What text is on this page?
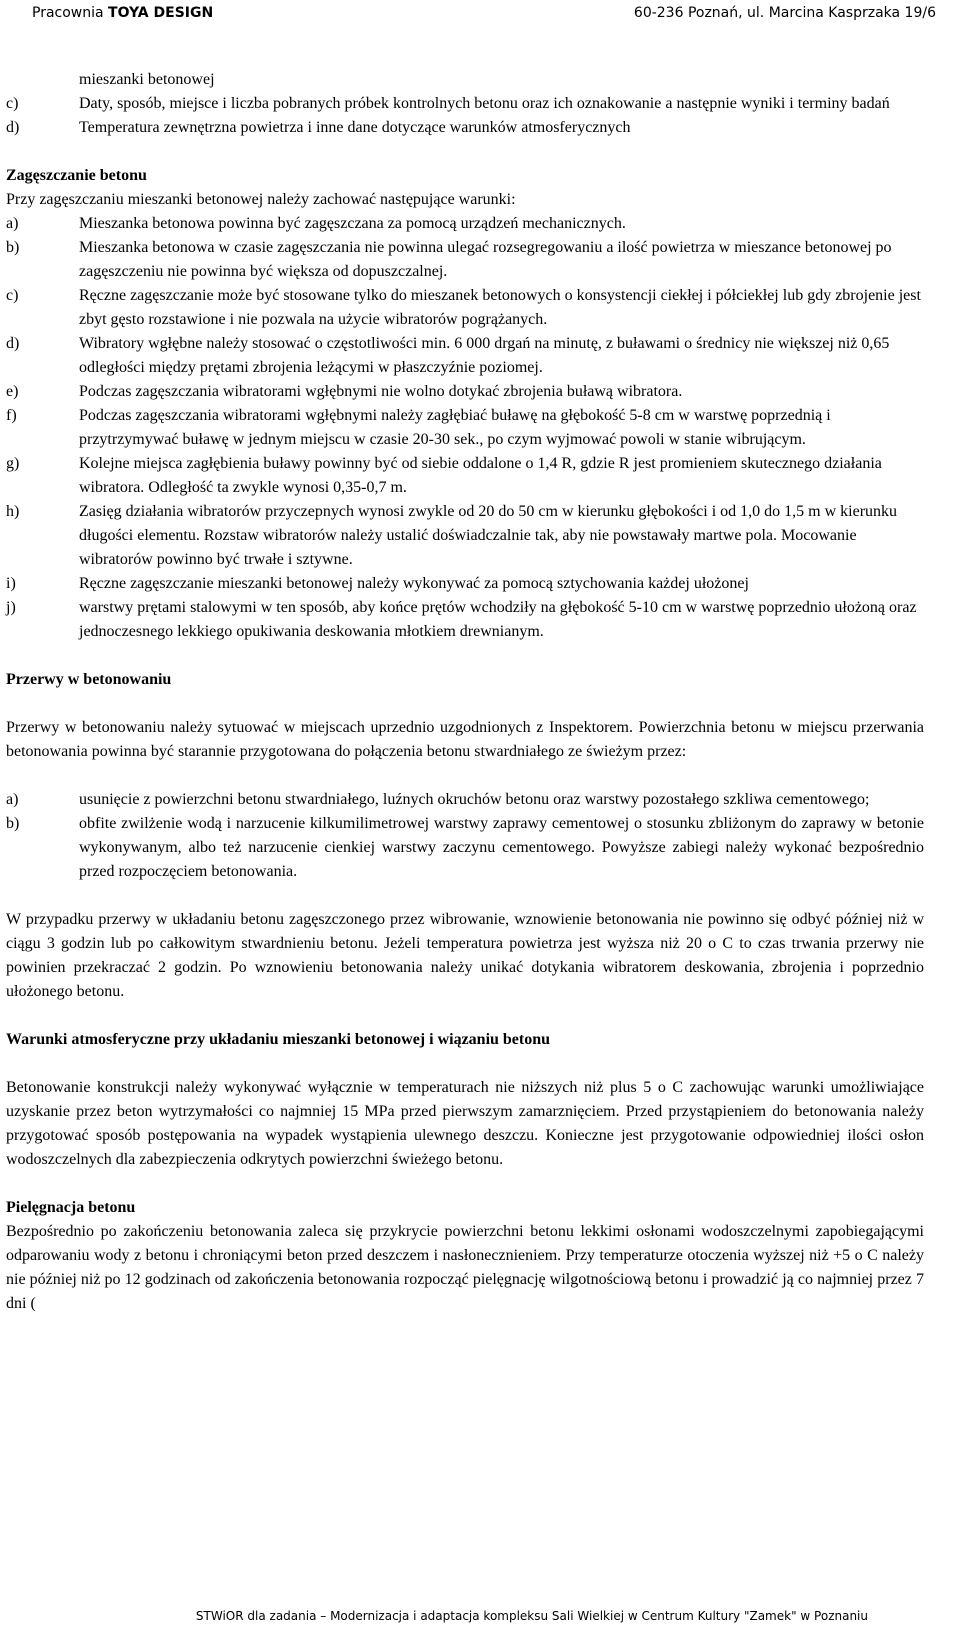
Pracownia TOYA DESIGN	60-236 Poznań, ul. Marcina Kasprzaka 19/6
mieszanki betonowej
c)	Daty, sposób, miejsce i liczba pobranych próbek kontrolnych betonu oraz ich oznakowanie a następnie wyniki i terminy badań
d)	Temperatura zewnętrzna powietrza i inne dane dotyczące warunków atmosferycznych
Zagęszczanie betonu
Przy zagęszczaniu mieszanki betonowej należy zachować następujące warunki:
a)	Mieszanka betonowa powinna być zagęszczana za pomocą urządzeń mechanicznych.
b)	Mieszanka betonowa w czasie zagęszczania nie powinna ulegać rozsegregowaniu a ilość powietrza w mieszance betonowej po zagęszczeniu nie powinna być większa od dopuszczalnej.
c)	Ręczne zagęszczanie może być stosowane tylko do mieszanek betonowych o konsystencji ciekłej i półciekłej lub gdy zbrojenie jest zbyt gęsto rozstawione i nie pozwala na użycie wibratorów pogrążanych.
d)	Wibratory wgłębne należy stosować o częstotliwości min. 6 000 drgań na minutę, z buławami o średnicy nie większej niż 0,65 odległości między prętami zbrojenia leżącymi w płaszczyźnie poziomej.
e)	Podczas zagęszczania wibratorami wgłębnymi nie wolno dotykać zbrojenia buławą wibratora.
f)	Podczas zagęszczania wibratorami wgłębnymi należy zagłębiać buławę na głębokość 5-8 cm w warstwę poprzednią i przytrzymywać buławę w jednym miejscu w czasie 20-30 sek., po czym wyjmować powoli w stanie wibrującym.
g)	Kolejne miejsca zagłębienia buławy powinny być od siebie oddalone o 1,4 R, gdzie R jest promieniem skutecznego działania wibratora. Odległość ta zwykle wynosi 0,35-0,7 m.
h)	Zasięg działania wibratorów przyczepnych wynosi zwykle od 20 do 50 cm w kierunku głębokości i od 1,0 do 1,5 m w kierunku długości elementu. Rozstaw wibratorów należy ustalić doświadczalnie tak, aby nie powstawały martwe pola. Mocowanie wibratorów powinno być trwałe i sztywne.
i)	Ręczne zagęszczanie mieszanki betonowej należy wykonywać za pomocą sztychowania każdej ułożonej
j)	warstwy prętami stalowymi w ten sposób, aby końce prętów wchodziły na głębokość 5-10 cm w warstwę poprzednio ułożoną oraz jednoczesnego lekkiego opukiwania deskowania młotkiem drewnianym.
Przerwy w betonowaniu
Przerwy w betonowaniu należy sytuować w miejscach uprzednio uzgodnionych z Inspektorem. Powierzchnia betonu w miejscu przerwania betonowania powinna być starannie przygotowana do połączenia betonu stwardniałego ze świeżym przez:
a)	usunięcie z powierzchni betonu stwardniałego, luźnych okruchów betonu oraz warstwy pozostałego szkliwa cementowego;
b)	obfite zwilżenie wodą i narzucenie kilkumilimetrowej warstwy zaprawy cementowej o stosunku zbliżonym do zaprawy w betonie wykonywanym, albo też narzucenie cienkiej warstwy zaczynu cementowego. Powyższe zabiegi należy wykonać bezpośrednio przed rozpoczęciem betonowania.
W przypadku przerwy w układaniu betonu zagęszczonego przez wibrowanie, wznowienie betonowania nie powinno się odbyć później niż w ciągu 3 godzin lub po całkowitym stwardnieniu betonu. Jeżeli temperatura powietrza jest wyższa niż 20 o C to czas trwania przerwy nie powinien przekraczać 2 godzin. Po wznowieniu betonowania należy unikać dotykania wibratorem deskowania, zbrojenia i poprzednio ułożonego betonu.
Warunki atmosferyczne przy układaniu mieszanki betonowej i wiązaniu betonu
Betonowanie konstrukcji należy wykonywać wyłącznie w temperaturach nie niższych niż plus 5 o C zachowując warunki umożliwiające uzyskanie przez beton wytrzymałości co najmniej 15 MPa przed pierwszym zamarznięciem. Przed przystąpieniem do betonowania należy przygotować sposób postępowania na wypadek wystąpienia ulewnego deszczu. Konieczne jest przygotowanie odpowiedniej ilości osłon wodoszczelnych dla zabezpieczenia odkrytych powierzchni świeżego betonu.
Pielęgnacja betonu
Bezpośrednio po zakończeniu betonowania zaleca się przykrycie powierzchni betonu lekkimi osłonami wodoszczelnymi zapobiegającymi odparowaniu wody z betonu i chroniącymi beton przed deszczem i nasłonecznieniem. Przy temperaturze otoczenia wyższej niż +5 o C należy nie później niż po 12 godzinach od zakończenia betonowania rozpocząć pielęgnację wilgotnościową betonu i prowadzić ją co najmniej przez 7 dni (
STWiOR dla zadania – Modernizacja i adaptacja kompleksu Sali Wielkiej w Centrum Kultury "Zamek" w Poznaniu
